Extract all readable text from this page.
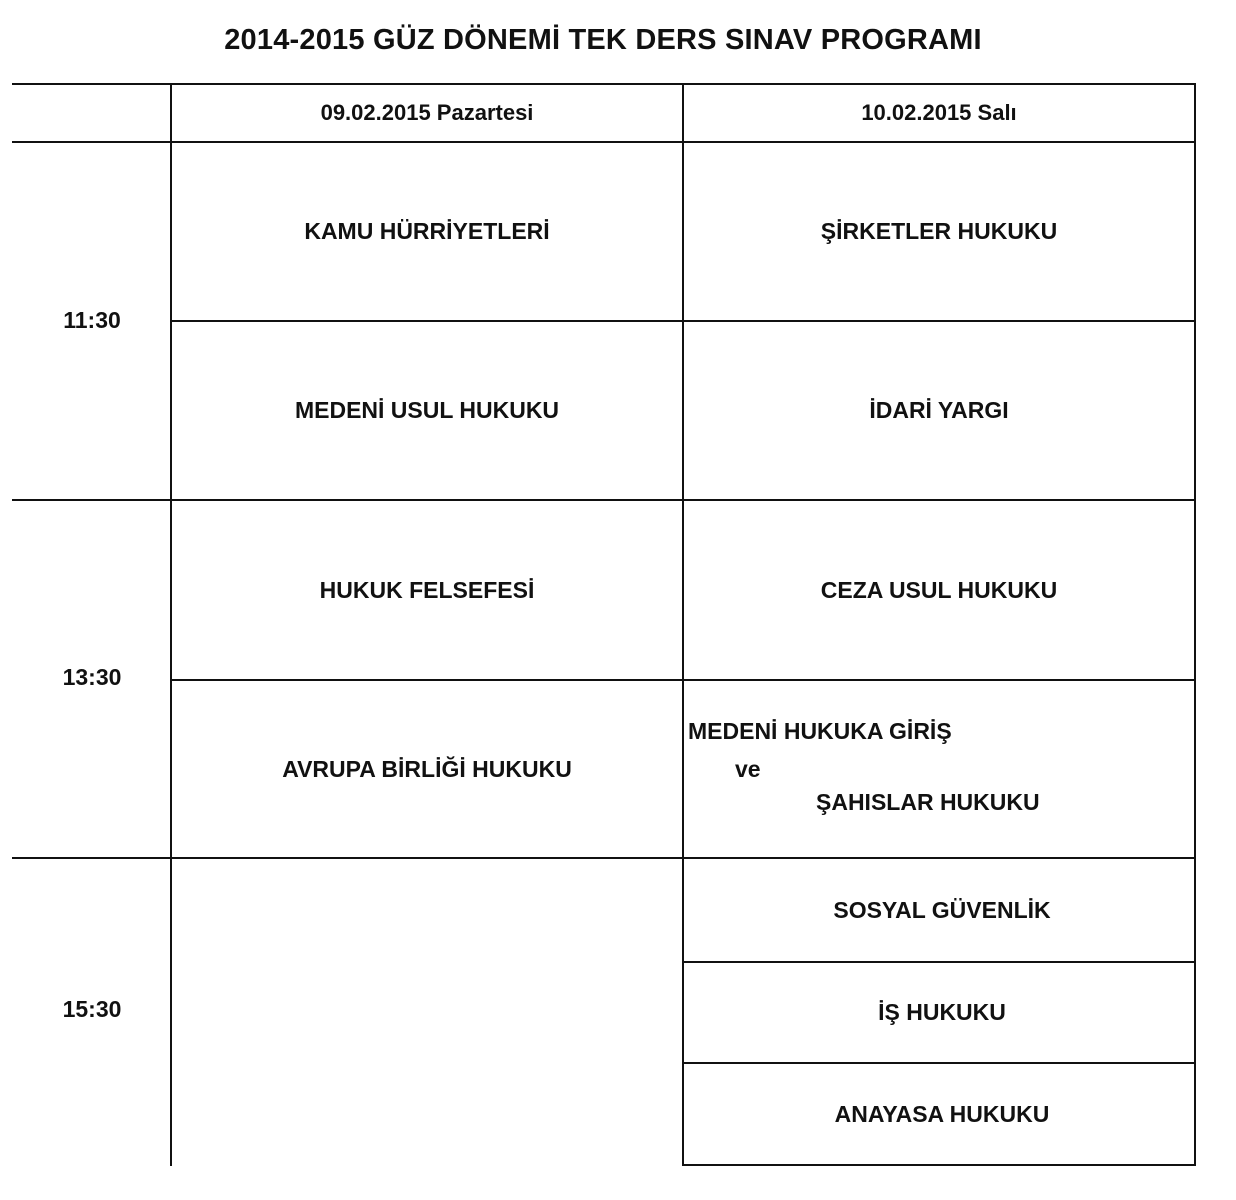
2014-2015 GÜZ DÖNEMİ TEK DERS SINAV PROGRAMI
09.02.2015 Pazartesi	10.02.2015 Salı
11:30
13:30
15:30
KAMU HÜRRİYETLERİ
MEDENİ USUL HUKUKU
HUKUK FELSEFESİ
AVRUPA BİRLİĞİ HUKUKU
ŞİRKETLER HUKUKU
İDARİ YARGI
CEZA USUL HUKUKU
MEDENİ HUKUKA GİRİŞ
ve
ŞAHISLAR HUKUKU
SOSYAL GÜVENLİK
İŞ HUKUKU
ANAYASA HUKUKU
